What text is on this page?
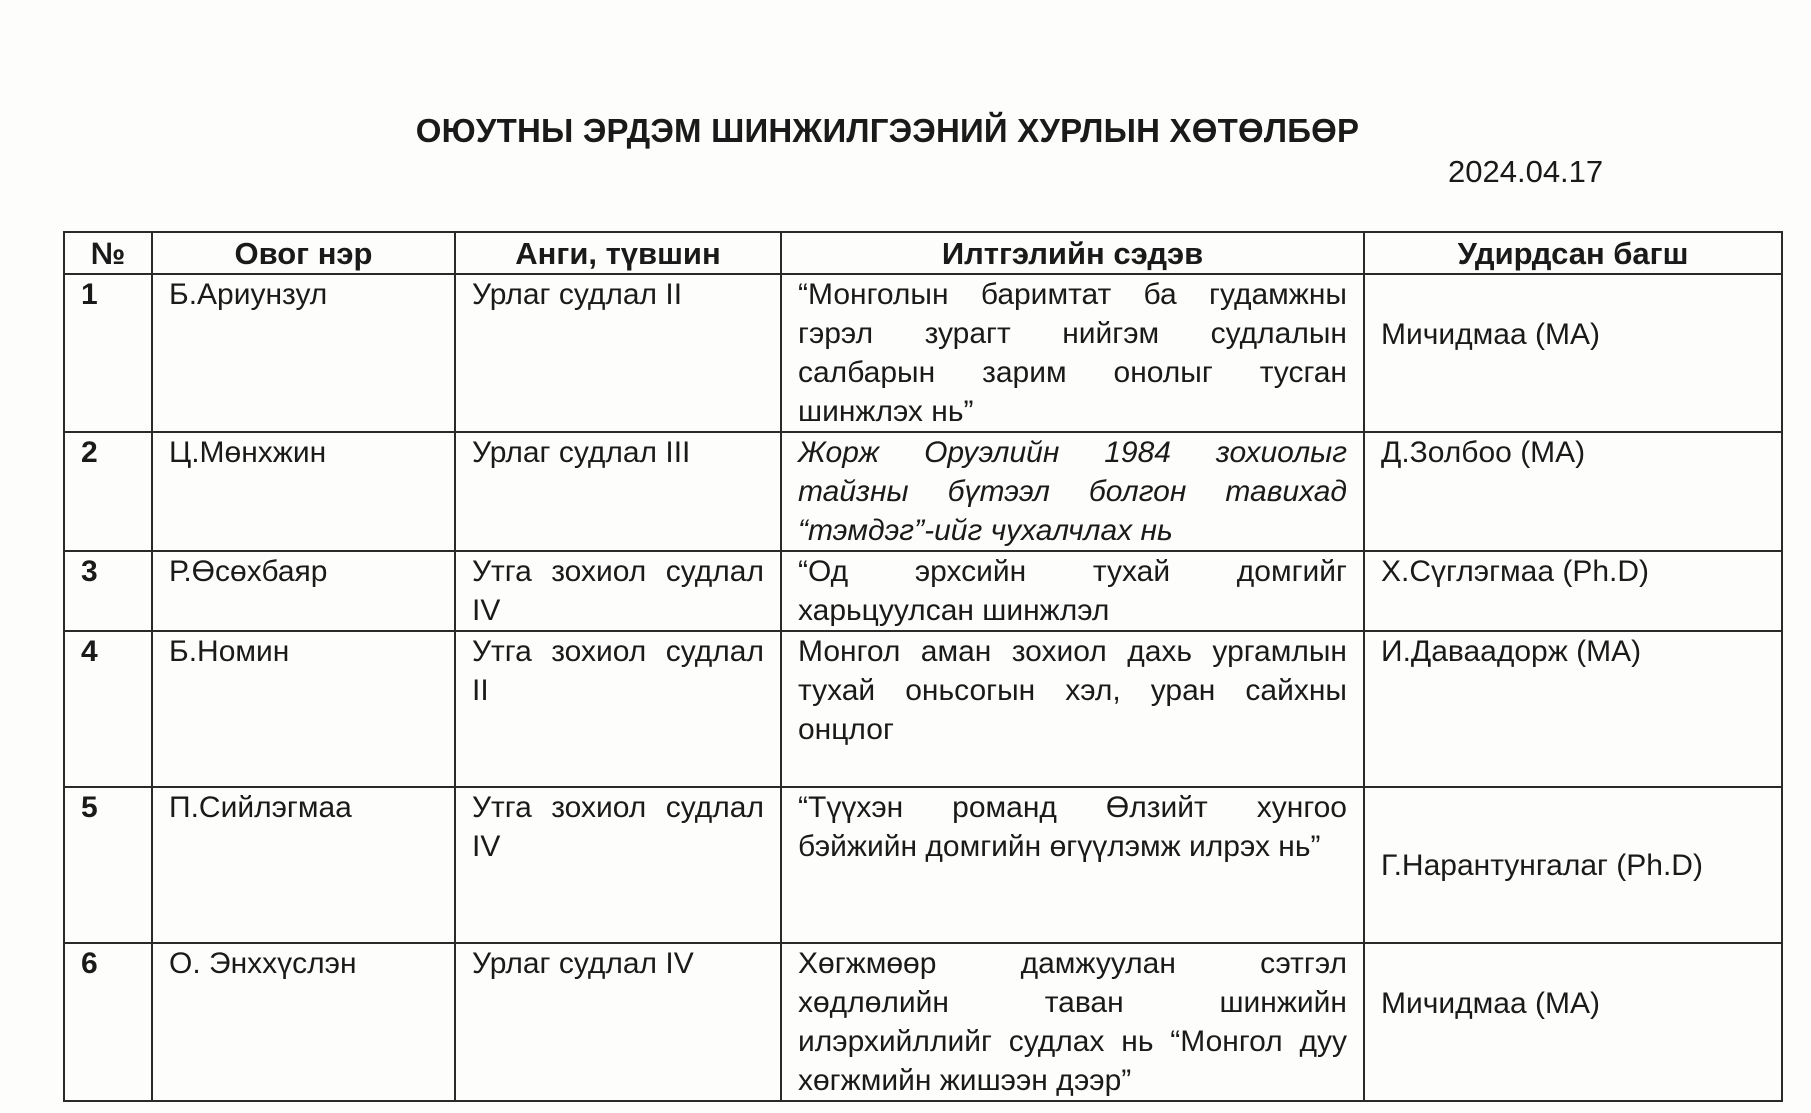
ОЮУТНЫ ЭРДЭМ ШИНЖИЛГЭЭНИЙ ХУРЛЫН ХӨТӨЛБӨР
2024.04.17
№	Овог нэр	Анги, түвшин	Илтгэлийн сэдэв	Удирдсан багш
1	Б.Ариунзул	Урлаг судлал II	“Монголын баримтат ба гудамжны гэрэл зурагт нийгэм судлалын салбарын зарим онолыг тусган шинжлэх нь”	Мичидмаа (MA)

2	Ц.Мөнхжин	Урлаг судлал III	Жорж Оруэлийн 1984 зохиолыг тайзны бүтээл болгон тавихад “тэмдэг”-ийг чухалчлах нь	Д.Золбоо (MA)
3	Р.Өсөхбаяр	Утга зохиол судлал IV	“Од эрхсийн тухай домгийг харьцуулсан шинжлэл	Х.Сүглэгмаа (Ph.D)
4	Б.Номин	Утга зохиол судлал II	Монгол аман зохиол дахь ургамлын тухай оньсогын хэл, уран сайхны онцлог	И.Даваадорж (MA)
5	П.Сийлэгмаа	Утга зохиол судлал IV	“Түүхэн романд Өлзийт хунгоо бэйжийн домгийн өгүүлэмж илрэх нь”	Г.Нарантунгалаг (Ph.D)
6	О. Энххүслэн	Урлаг судлал IV	Хөгжмөөр дамжуулан сэтгэл хөдлөлийн таван шинжийн илэрхийллийг судлах нь “Монгол дуу хөгжмийн жишээн дээр”	Мичидмаа (MA)
